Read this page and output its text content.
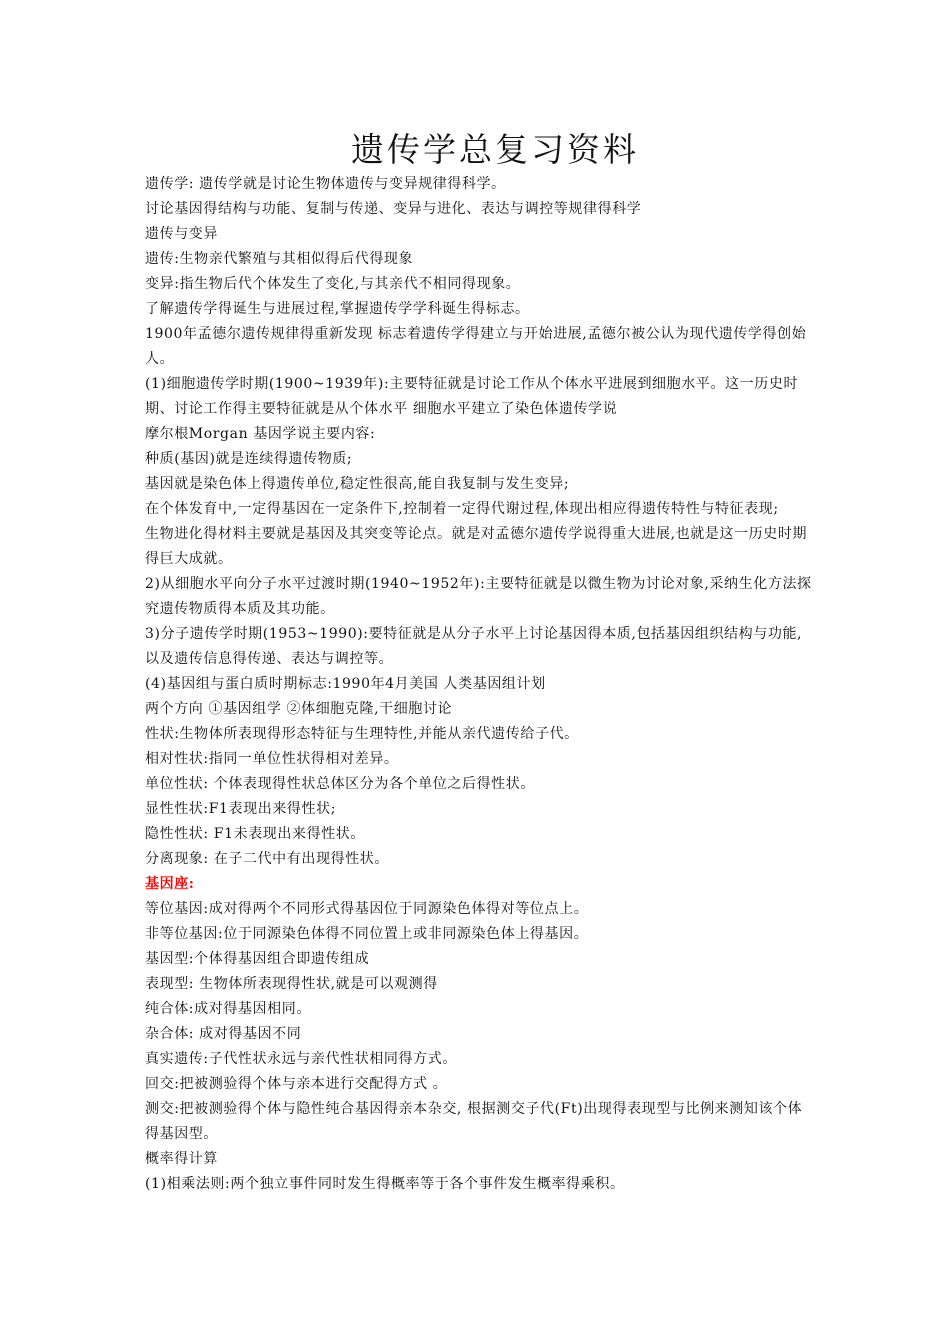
遗传学总复习资料
遗传学: 遗传学就是讨论生物体遗传与变异规律得科学。
讨论基因得结构与功能、复制与传递、变异与进化、表达与调控等规律得科学
遗传与变异
遗传:生物亲代繁殖与其相似得后代得现象
变异:指生物后代个体发生了变化,与其亲代不相同得现象。
了解遗传学得诞生与进展过程,掌握遗传学学科诞生得标志。
1900年孟德尔遗传规律得重新发现 标志着遗传学得建立与开始进展,孟德尔被公认为现代遗传学得创始人。
(1)细胞遗传学时期(1900~1939年):主要特征就是讨论工作从个体水平进展到细胞水平。这一历史时期、讨论工作得主要特征就是从个体水平 细胞水平建立了染色体遗传学说
摩尔根Morgan 基因学说主要内容:
种质(基因)就是连续得遗传物质;
基因就是染色体上得遗传单位,稳定性很高,能自我复制与发生变异;
在个体发育中,一定得基因在一定条件下,控制着一定得代谢过程,体现出相应得遗传特性与特征表现;
生物进化得材料主要就是基因及其突变等论点。就是对孟德尔遗传学说得重大进展,也就是这一历史时期得巨大成就。
2)从细胞水平向分子水平过渡时期(1940~1952年):主要特征就是以微生物为讨论对象,采纳生化方法探究遗传物质得本质及其功能。
3)分子遗传学时期(1953~1990):要特征就是从分子水平上讨论基因得本质,包括基因组织结构与功能,以及遗传信息得传递、表达与调控等。
(4)基因组与蛋白质时期标志:1990年4月美国 人类基因组计划
两个方向 ①基因组学 ②体细胞克隆,干细胞讨论
性状:生物体所表现得形态特征与生理特性,并能从亲代遗传给子代。
相对性状:指同一单位性状得相对差异。
单位性状: 个体表现得性状总体区分为各个单位之后得性状。
显性性状:F1表现出来得性状;
隐性性状: F1未表现出来得性状。
分离现象: 在子二代中有出现得性状。
基因座:
等位基因:成对得两个不同形式得基因位于同源染色体得对等位点上。
非等位基因:位于同源染色体得不同位置上或非同源染色体上得基因。
基因型:个体得基因组合即遗传组成
表现型: 生物体所表现得性状,就是可以观测得
纯合体:成对得基因相同。
杂合体: 成对得基因不同
真实遗传:子代性状永远与亲代性状相同得方式。
回交:把被测验得个体与亲本进行交配得方式 。
测交:把被测验得个体与隐性纯合基因得亲本杂交, 根据测交子代(Ft)出现得表现型与比例来测知该个体得基因型。
概率得计算
(1)相乘法则:两个独立事件同时发生得概率等于各个事件发生概率得乘积。
